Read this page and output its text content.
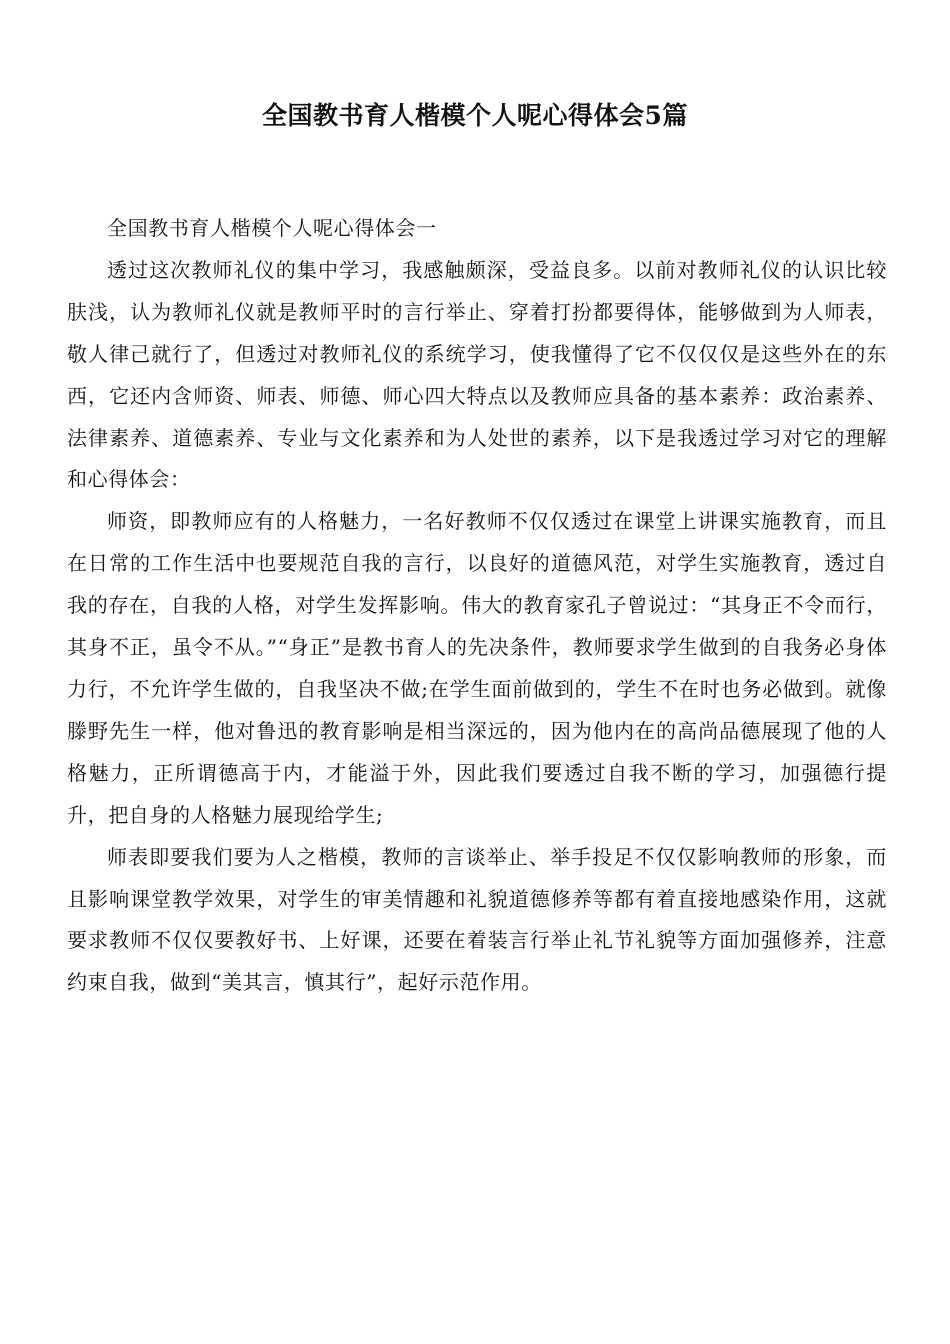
全国教书育人楷模个人呢心得体会5篇

全国教书育人楷模个人呢心得体会一

透过这次教师礼仪的集中学习，我感触颇深，受益良多。以前对教师礼仪的认识比较肤浅，认为教师礼仪就是教师平时的言行举止、穿着打扮都要得体，能够做到为人师表，敬人律己就行了，但透过对教师礼仪的系统学习，使我懂得了它不仅仅仅是这些外在的东西，它还内含师资、师表、师德、师心四大特点以及教师应具备的基本素养：政治素养、法律素养、道德素养、专业与文化素养和为人处世的素养，以下是我透过学习对它的理解和心得体会：

师资，即教师应有的人格魅力，一名好教师不仅仅透过在课堂上讲课实施教育，而且在日常的工作生活中也要规范自我的言行，以良好的道德风范，对学生实施教育，透过自我的存在，自我的人格，对学生发挥影响。伟大的教育家孔子曾说过：“其身正不令而行，其身不正，虽令不从。”“身正”是教书育人的先决条件，教师要求学生做到的自我务必身体力行，不允许学生做的，自我坚决不做;在学生面前做到的，学生不在时也务必做到。就像滕野先生一样，他对鲁迅的教育影响是相当深远的，因为他内在的高尚品德展现了他的人格魅力，正所谓德高于内，才能溢于外，因此我们要透过自我不断的学习，加强德行提升，把自身的人格魅力展现给学生;

师表即要我们要为人之楷模，教师的言谈举止、举手投足不仅仅影响教师的形象，而且影响课堂教学效果，对学生的审美情趣和礼貌道德修养等都有着直接地感染作用，这就要求教师不仅仅要教好书、上好课，还要在着装言行举止礼节礼貌等方面加强修养，注意约束自我，做到“美其言，慎其行”，起好示范作用。
